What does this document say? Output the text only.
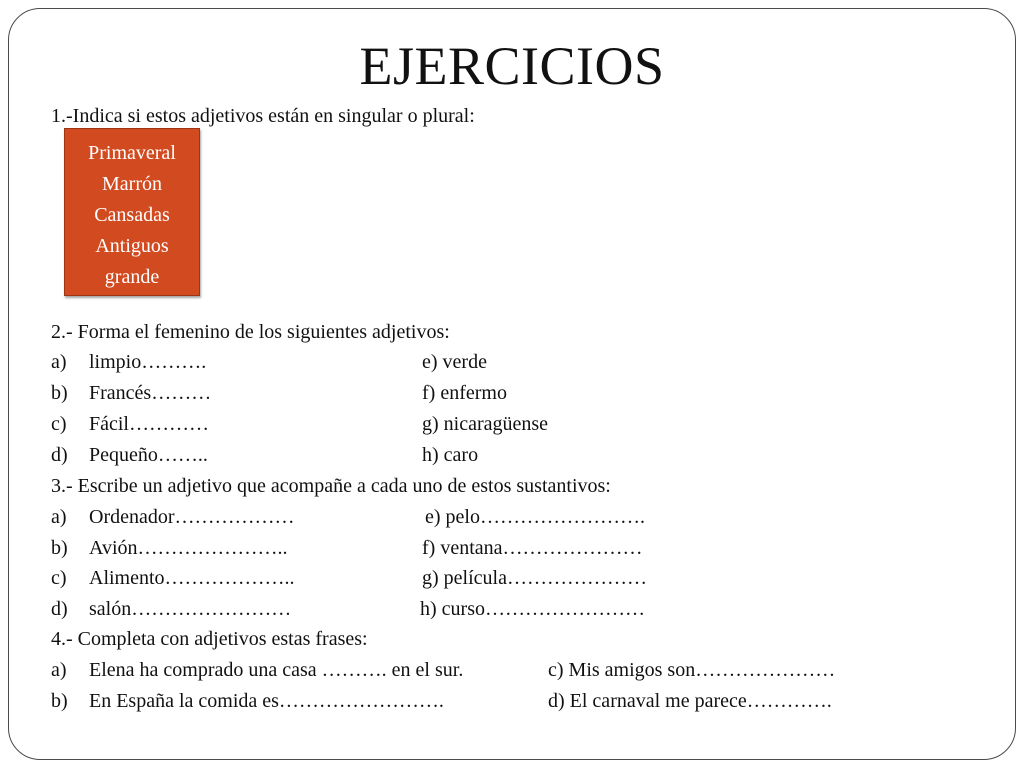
EJERCICIOS
1.-Indica si estos adjetivos están en singular o plural:
Primaveral
Marrón
Cansadas
Antiguos
grande
2.- Forma el femenino de los siguientes adjetivos:
a) limpio……….	e) verde
b) Francés………	f) enfermo
c) Fácil…………	g) nicaragüense
d) Pequeño……..	h) caro
3.- Escribe un adjetivo que acompañe a cada uno de estos sustantivos:
a) Ordenador………………	e) pelo…………………….
b) Avión…………………..	f) ventana…………………
c) Alimento………………..	g) película…………………
d) salón……………………	h) curso……………………
4.- Completa con adjetivos estas frases:
a) Elena ha comprado una casa ………. en el sur.	c) Mis amigos son…………………
b) En España la comida es…………………….	d) El carnaval me parece………….
